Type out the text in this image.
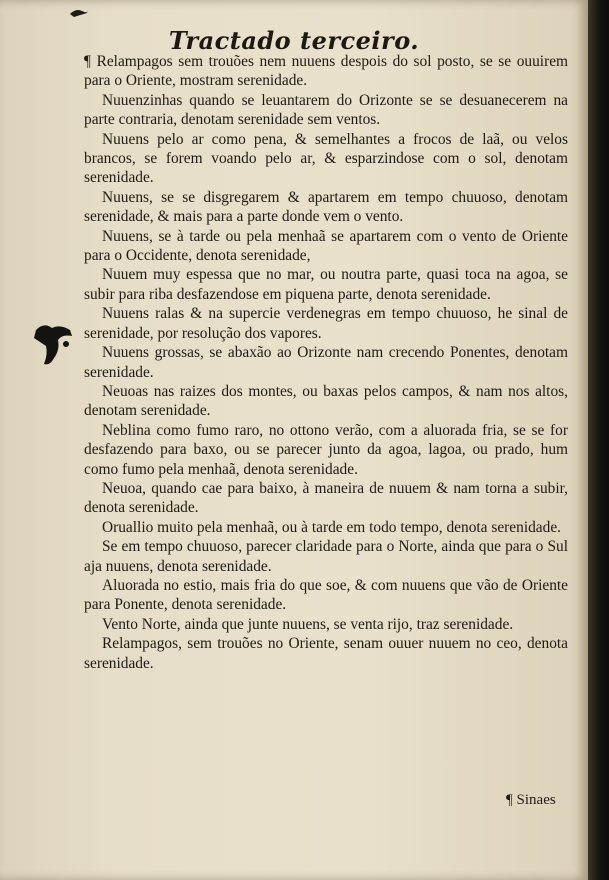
Tractado terceiro.

¶ Relampagos sem trouões nem nuuens despois do sol posto, se se ouuirem para o Oriente, mostram serenidade.

Nuuenzinhas quando se leuantarem do Orizonte se se desuanecerem na parte contraria, denotam serenidade sem ventos.

Nuuens pelo ar como pena, & semelhantes a frocos de laã, ou velos brancos, se forem voando pelo ar, & esparzindose com o sol, denotam serenidade.

Nuuens, se se disgregarem & apartarem em tempo chuuoso, denotam serenidade, & mais para a parte donde vem o vento.

Nuuens, se à tarde ou pela menhaã se apartarem com o vento de Oriente para o Occidente, denota serenidade,

Nuuem muy espessa que no mar, ou noutra parte, quasi toca na agoa, se subir para riba desfazendose em piquena parte, denota serenidade.

Nuuens ralas & na supercie verdenegras em tempo chuuoso, he sinal de serenidade, por resolução dos vapores.

Nuuens grossas, se abaxão ao Orizonte nam crecendo Ponentes, denotam serenidade.

Neuoas nas raizes dos montes, ou baxas pelos campos, & nam nos altos, denotam serenidade.

Neblina como fumo raro, no ottono verão, com a aluorada fria, se se for desfazendo para baxo, ou se parecer junto da agoa, lagoa, ou prado, hum como fumo pela menhaã, denota serenidade.

Neuoa, quando cae para baixo, à maneira de nuuem & nam torna a subir, denota serenidade.

Oruallio muito pela menhaã, ou à tarde em todo tempo, denota serenidade.

Se em tempo chuuoso, parecer claridade para o Norte, ainda que para o Sul aja nuuens, denota serenidade.

Aluorada no estio, mais fria do que soe, & com nuuens que vão de Oriente para Ponente, denota serenidade.

Vento Norte, ainda que junte nuuens, se venta rijo, traz serenidade.

Relampagos, sem trouões no Oriente, senam ouuer nuuem no ceo, denota serenidade.

¶ Sinaes
